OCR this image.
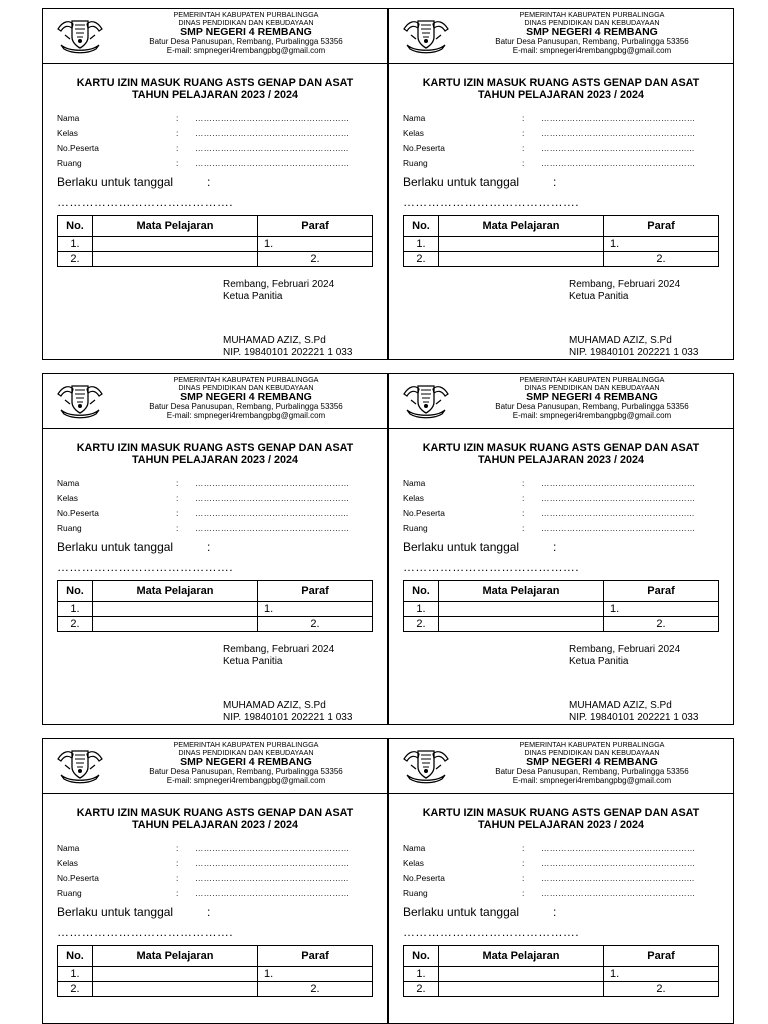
PEMERINTAH KABUPATEN PURBALINGGA
DINAS PENDIDIKAN DAN KEBUDAYAAN
SMP NEGERI 4 REMBANG
Batur Desa Panusupan, Rembang, Purbalingga 53356
E-mail: smpnegeri4rembangpbg@gmail.com
KARTU IZIN MASUK RUANG ASTS GENAP DAN ASAT
TAHUN PELAJARAN 2023 / 2024
Nama	: ………………………………………………
Kelas	: ………………………………………………
No.Peserta	: ……………………………………………...
Ruang	: ………………………………………………
Berlaku untuk tanggal	:
…………………………………….
No.	Mata Pelajaran	Paraf
1.		1.
2.		2.
Rembang, Februari 2024
Ketua Panitia
MUHAMAD AZIZ, S.Pd
NIP. 19840101 202221 1 033
PEMERINTAH KABUPATEN PURBALINGGA
DINAS PENDIDIKAN DAN KEBUDAYAAN
SMP NEGERI 4 REMBANG
Batur Desa Panusupan, Rembang, Purbalingga 53356
E-mail: smpnegeri4rembangpbg@gmail.com
KARTU IZIN MASUK RUANG ASTS GENAP DAN ASAT
TAHUN PELAJARAN 2023 / 2024
Nama	: ………………………………………………
Kelas	: ………………………………………………
No.Peserta	: ……………………………………………...
Ruang	: ………………………………………………
Berlaku untuk tanggal	:
…………………………………….
No.	Mata Pelajaran	Paraf
1.		1.
2.		2.
Rembang, Februari 2024
Ketua Panitia
MUHAMAD AZIZ, S.Pd
NIP. 19840101 202221 1 033
PEMERINTAH KABUPATEN PURBALINGGA
DINAS PENDIDIKAN DAN KEBUDAYAAN
SMP NEGERI 4 REMBANG
Batur Desa Panusupan, Rembang, Purbalingga 53356
E-mail: smpnegeri4rembangpbg@gmail.com
KARTU IZIN MASUK RUANG ASTS GENAP DAN ASAT
TAHUN PELAJARAN 2023 / 2024
Nama	: ………………………………………………
Kelas	: ………………………………………………
No.Peserta	: ……………………………………………...
Ruang	: ………………………………………………
Berlaku untuk tanggal	:
…………………………………….
No.	Mata Pelajaran	Paraf
1.		1.
2.		2.
Rembang, Februari 2024
Ketua Panitia
MUHAMAD AZIZ, S.Pd
NIP. 19840101 202221 1 033
PEMERINTAH KABUPATEN PURBALINGGA
DINAS PENDIDIKAN DAN KEBUDAYAAN
SMP NEGERI 4 REMBANG
Batur Desa Panusupan, Rembang, Purbalingga 53356
E-mail: smpnegeri4rembangpbg@gmail.com
KARTU IZIN MASUK RUANG ASTS GENAP DAN ASAT
TAHUN PELAJARAN 2023 / 2024
Nama	: ………………………………………………
Kelas	: ………………………………………………
No.Peserta	: ……………………………………………...
Ruang	: ………………………………………………
Berlaku untuk tanggal	:
…………………………………….
No.	Mata Pelajaran	Paraf
1.		1.
2.		2.
Rembang, Februari 2024
Ketua Panitia
MUHAMAD AZIZ, S.Pd
NIP. 19840101 202221 1 033
PEMERINTAH KABUPATEN PURBALINGGA
DINAS PENDIDIKAN DAN KEBUDAYAAN
SMP NEGERI 4 REMBANG
Batur Desa Panusupan, Rembang, Purbalingga 53356
E-mail: smpnegeri4rembangpbg@gmail.com
KARTU IZIN MASUK RUANG ASTS GENAP DAN ASAT
TAHUN PELAJARAN 2023 / 2024
Nama	: ………………………………………………
Kelas	: ………………………………………………
No.Peserta	: ……………………………………………...
Ruang	: ………………………………………………
Berlaku untuk tanggal	:
…………………………………….
No.	Mata Pelajaran	Paraf
1.		1.
2.		2.
PEMERINTAH KABUPATEN PURBALINGGA
DINAS PENDIDIKAN DAN KEBUDAYAAN
SMP NEGERI 4 REMBANG
Batur Desa Panusupan, Rembang, Purbalingga 53356
E-mail: smpnegeri4rembangpbg@gmail.com
KARTU IZIN MASUK RUANG ASTS GENAP DAN ASAT
TAHUN PELAJARAN 2023 / 2024
Nama	: ………………………………………………
Kelas	: ………………………………………………
No.Peserta	: ……………………………………………...
Ruang	: ………………………………………………
Berlaku untuk tanggal	:
…………………………………….
No.	Mata Pelajaran	Paraf
1.		1.
2.		2.
